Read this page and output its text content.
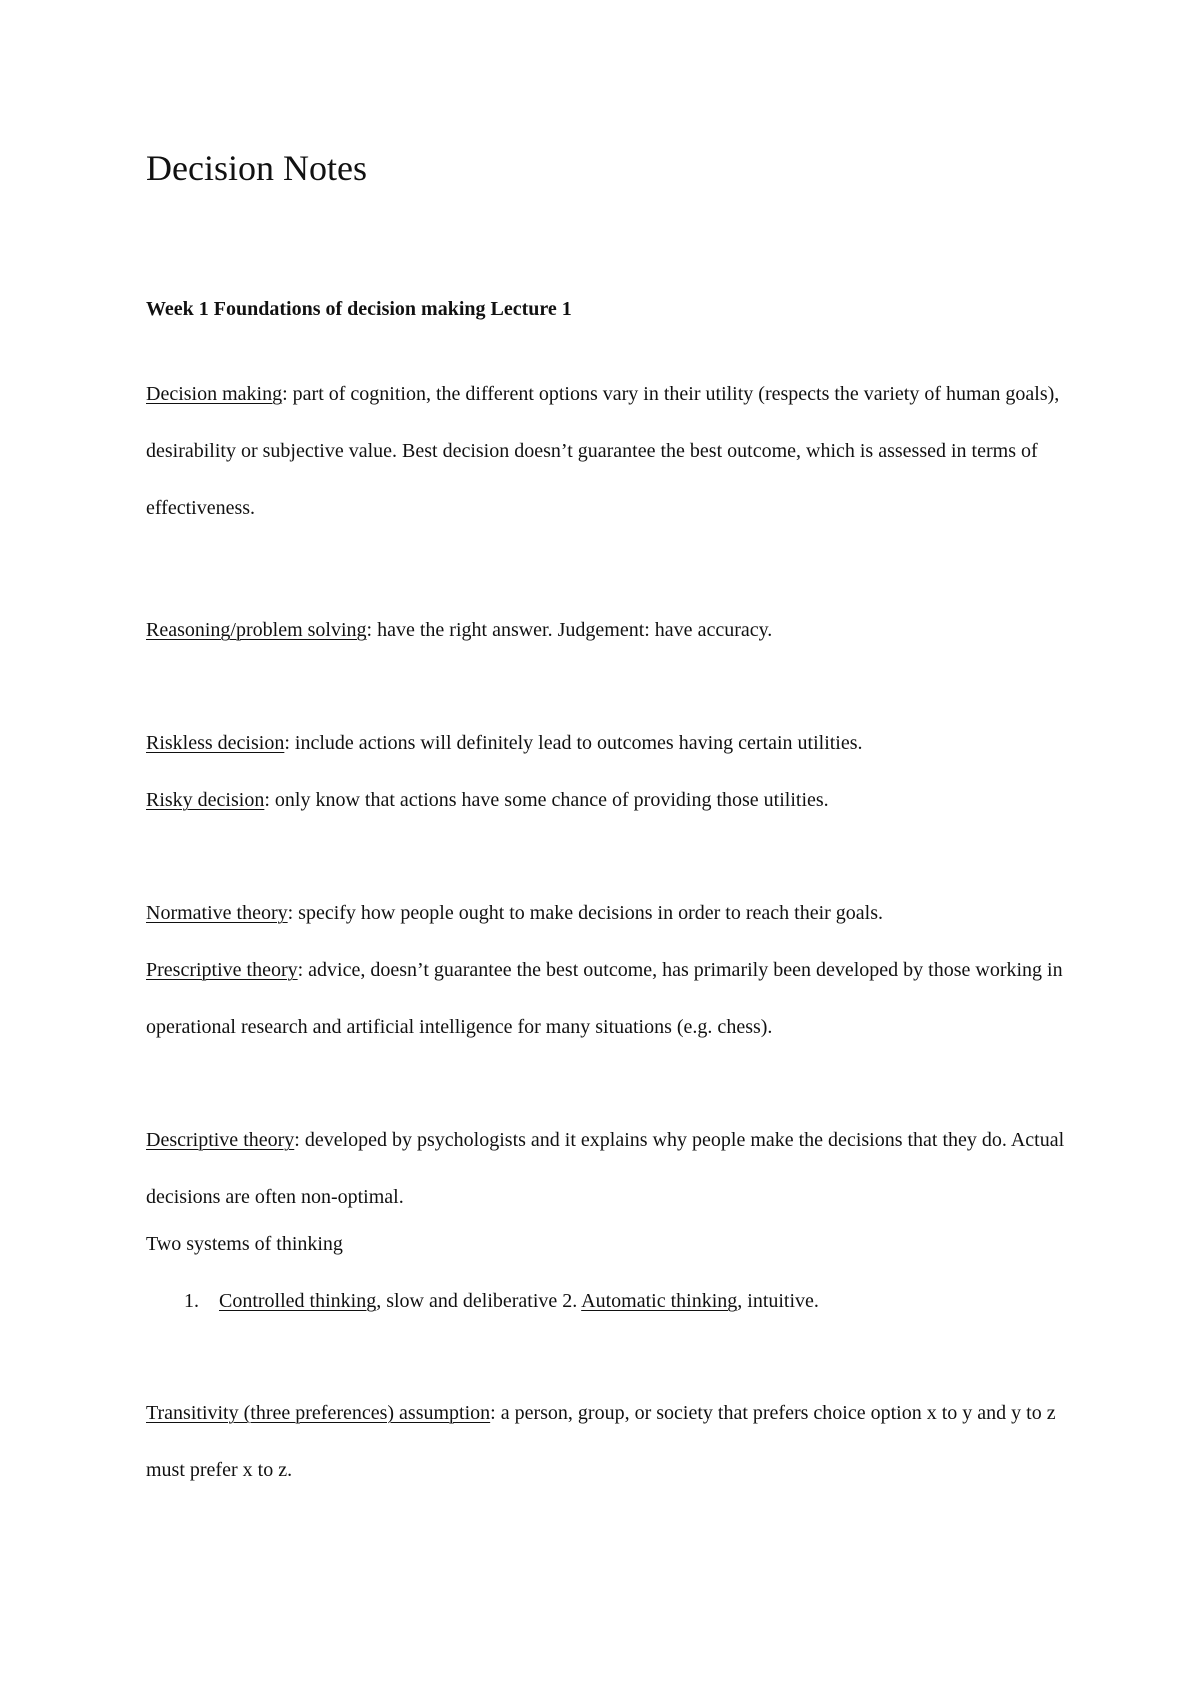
Decision Notes
Week 1 Foundations of decision making Lecture 1

Decision making: part of cognition, the different options vary in their utility (respects the variety of human goals), desirability or subjective value. Best decision doesn’t guarantee the best outcome, which is assessed in terms of effectiveness.

Reasoning/problem solving: have the right answer. Judgement: have accuracy.

Riskless decision: include actions will definitely lead to outcomes having certain utilities.

Risky decision: only know that actions have some chance of providing those utilities.

Normative theory: specify how people ought to make decisions in order to reach their goals.

Prescriptive theory: advice, doesn’t guarantee the best outcome, has primarily been developed by those working in operational research and artificial intelligence for many situations (e.g. chess).

Descriptive theory: developed by psychologists and it explains why people make the decisions that they do. Actual decisions are often non-optimal.

Two systems of thinking

1. Controlled thinking, slow and deliberative 2. Automatic thinking, intuitive.

Transitivity (three preferences) assumption: a person, group, or society that prefers choice option x to y and y to z must prefer x to z.
